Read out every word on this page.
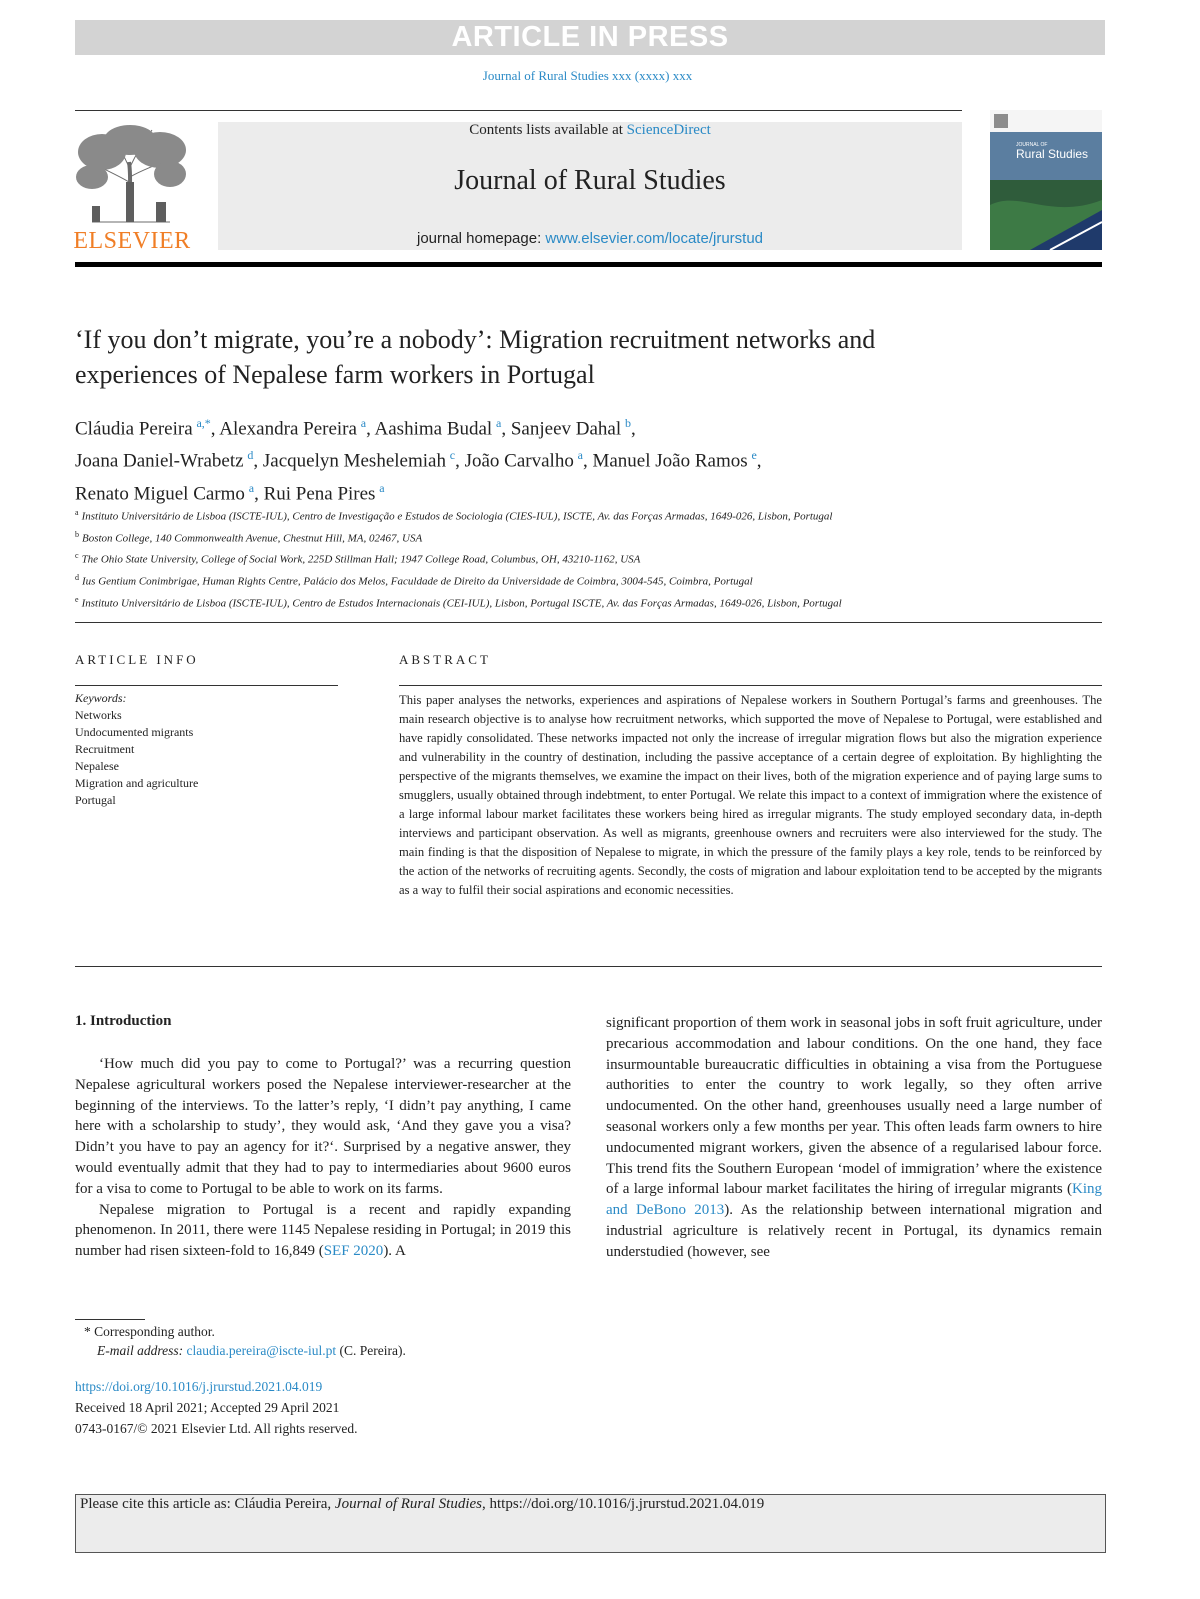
ARTICLE IN PRESS
Journal of Rural Studies xxx (xxxx) xxx
ELSEVIER
Contents lists available at ScienceDirect
Journal of Rural Studies
journal homepage: www.elsevier.com/locate/jrurstud
JOURNAL OF
Rural Studies
‘If you don’t migrate, you’re a nobody’: Migration recruitment networks and experiences of Nepalese farm workers in Portugal
Cláudia Pereira  $^{a,*}$, Alexandra Pereira  $^a$, Aashima Budal  $^a$, Sanjeev Dahal  $^b$,
Joana Daniel-Wrabetz  $^d$, Jacquelyn Meshelemiah  $^c$, João Carvalho  $^a$, Manuel João Ramos  $^e$,
Renato Miguel Carmo  $^a$, Rui Pena Pires  $^a$
$^a$ Instituto Universitário de Lisboa (ISCTE-IUL), Centro de Investigação e Estudos de Sociologia (CIES-IUL), ISCTE, Av. das Forças Armadas, 1649-026, Lisbon, Portugal
$^b$ Boston College, 140 Commonwealth Avenue, Chestnut Hill, MA, 02467, USA
$^c$ The Ohio State University, College of Social Work, 225D Stillman Hall; 1947 College Road, Columbus, OH, 43210-1162, USA
$^d$ Ius Gentium Conimbrigae, Human Rights Centre, Palácio dos Melos, Faculdade de Direito da Universidade de Coimbra, 3004-545, Coimbra, Portugal
$^e$ Instituto Universitário de Lisboa (ISCTE-IUL), Centro de Estudos Internacionais (CEI-IUL), Lisbon, Portugal ISCTE, Av. das Forças Armadas, 1649-026, Lisbon, Portugal
ARTICLE INFO	ABSTRACT
Keywords:
Networks
Undocumented migrants
Recruitment
Nepalese
Migration and agriculture
Portugal
This paper analyses the networks, experiences and aspirations of Nepalese workers in Southern Portugal’s farms and greenhouses. The main research objective is to analyse how recruitment networks, which supported the move of Nepalese to Portugal, were established and have rapidly consolidated. These networks impacted not only the increase of irregular migration flows but also the migration experience and vulnerability in the country of destination, including the passive acceptance of a certain degree of exploitation. By highlighting the perspective of the migrants themselves, we examine the impact on their lives, both of the migration experience and of paying large sums to smugglers, usually obtained through indebtment, to enter Portugal. We relate this impact to a context of immigration where the existence of a large informal labour market facilitates these workers being hired as irregular migrants. The study employed secondary data, in-depth interviews and participant observation. As well as migrants, greenhouse owners and recruiters were also interviewed for the study. The main finding is that the disposition of Nepalese to migrate, in which the pressure of the family plays a key role, tends to be reinforced by the action of the networks of recruiting agents. Secondly, the costs of migration and labour exploitation tend to be accepted by the migrants as a way to fulfil their social aspirations and economic necessities.
1. Introduction

‘How much did you pay to come to Portugal?’ was a recurring question Nepalese agricultural workers posed the Nepalese interviewer-researcher at the beginning of the interviews. To the latter’s reply, ‘I didn’t pay anything, I came here with a scholarship to study’, they would ask, ‘And they gave you a visa? Didn’t you have to pay an agency for it?‘. Surprised by a negative answer, they would eventually admit that they had to pay to intermediaries about 9600 euros for a visa to come to Portugal to be able to work on its farms.

Nepalese migration to Portugal is a recent and rapidly expanding phenomenon. In 2011, there were 1145 Nepalese residing in Portugal; in 2019 this number had risen sixteen-fold to 16,849 (SEF 2020). A

significant proportion of them work in seasonal jobs in soft fruit agriculture, under precarious accommodation and labour conditions. On the one hand, they face insurmountable bureaucratic difficulties in obtaining a visa from the Portuguese authorities to enter the country to work legally, so they often arrive undocumented. On the other hand, greenhouses usually need a large number of seasonal workers only a few months per year. This often leads farm owners to hire undocumented migrant workers, given the absence of a regularised labour force. This trend fits the Southern European ‘model of immigration’ where the existence of a large informal labour market facilitates the hiring of irregular migrants (King and DeBono 2013). As the relationship between international migration and industrial agriculture is relatively recent in Portugal, its dynamics remain understudied (however, see

* Corresponding author.
E-mail address: claudia.pereira@iscte-iul.pt (C. Pereira).
https://doi.org/10.1016/j.jrurstud.2021.04.019
Received 18 April 2021; Accepted 29 April 2021
0743-0167/© 2021 Elsevier Ltd. All rights reserved.
Please cite this article as: Cláudia Pereira, Journal of Rural Studies, https://doi.org/10.1016/j.jrurstud.2021.04.019
